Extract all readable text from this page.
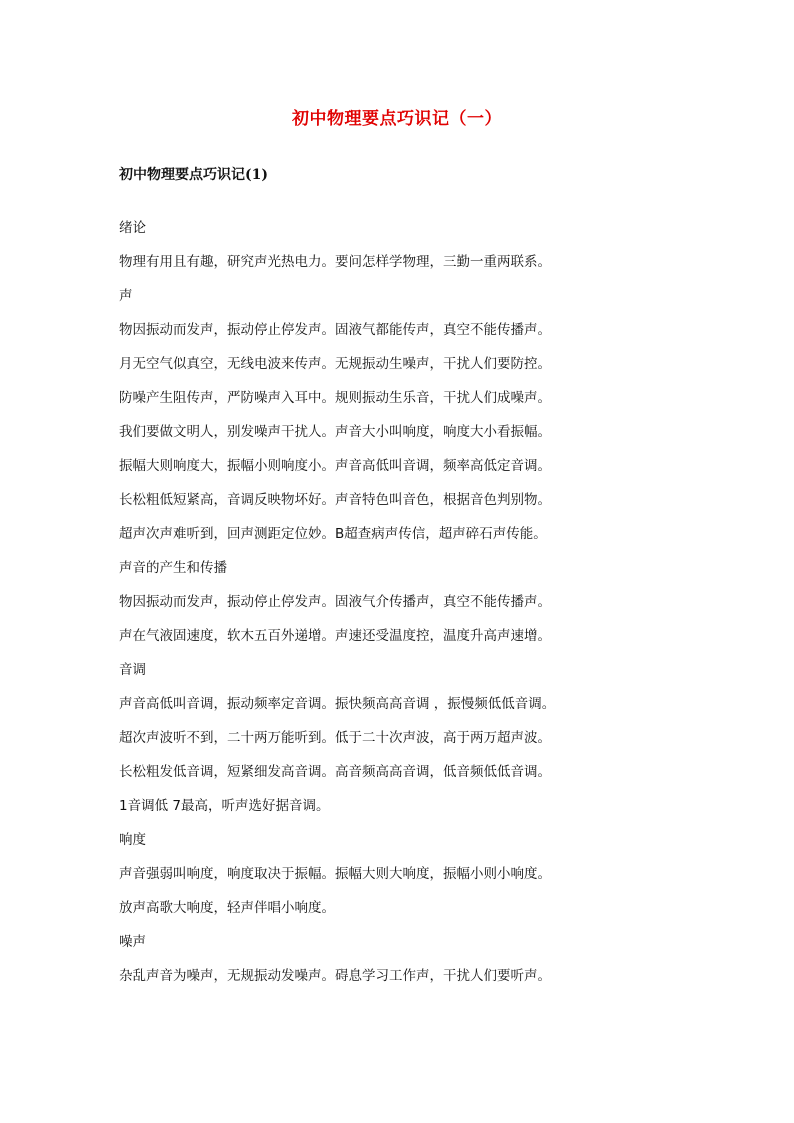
初中物理要点巧识记（一）
初中物理要点巧识记(1)
绪论
物理有用且有趣，研究声光热电力。要问怎样学物理，三勤一重两联系。
声
物因振动而发声，振动停止停发声。固液气都能传声，真空不能传播声。
月无空气似真空，无线电波来传声。无规振动生噪声，干扰人们要防控。
防噪产生阻传声，严防噪声入耳中。规则振动生乐音，干扰人们成噪声。
我们要做文明人，别发噪声干扰人。声音大小叫响度，响度大小看振幅。
振幅大则响度大，振幅小则响度小。声音高低叫音调，频率高低定音调。
长松粗低短紧高，音调反映物坏好。声音特色叫音色，根据音色判别物。
超声次声难听到，回声测距定位妙。B超查病声传信，超声碎石声传能。
声音的产生和传播
物因振动而发声，振动停止停发声。固液气介传播声，真空不能传播声。
声在气液固速度，软木五百外递增。声速还受温度控，温度升高声速增。
音调
声音高低叫音调，振动频率定音调。振快频高高音调 ，振慢频低低音调。
超次声波听不到，二十两万能听到。低于二十次声波，高于两万超声波。
长松粗发低音调，短紧细发高音调。高音频高高音调，低音频低低音调。
1音调低 7最高，听声选好据音调。
响度
声音强弱叫响度，响度取决于振幅。振幅大则大响度，振幅小则小响度。
放声高歌大响度，轻声伴唱小响度。
噪声
杂乱声音为噪声，无规振动发噪声。碍息学习工作声，干扰人们要听声。
